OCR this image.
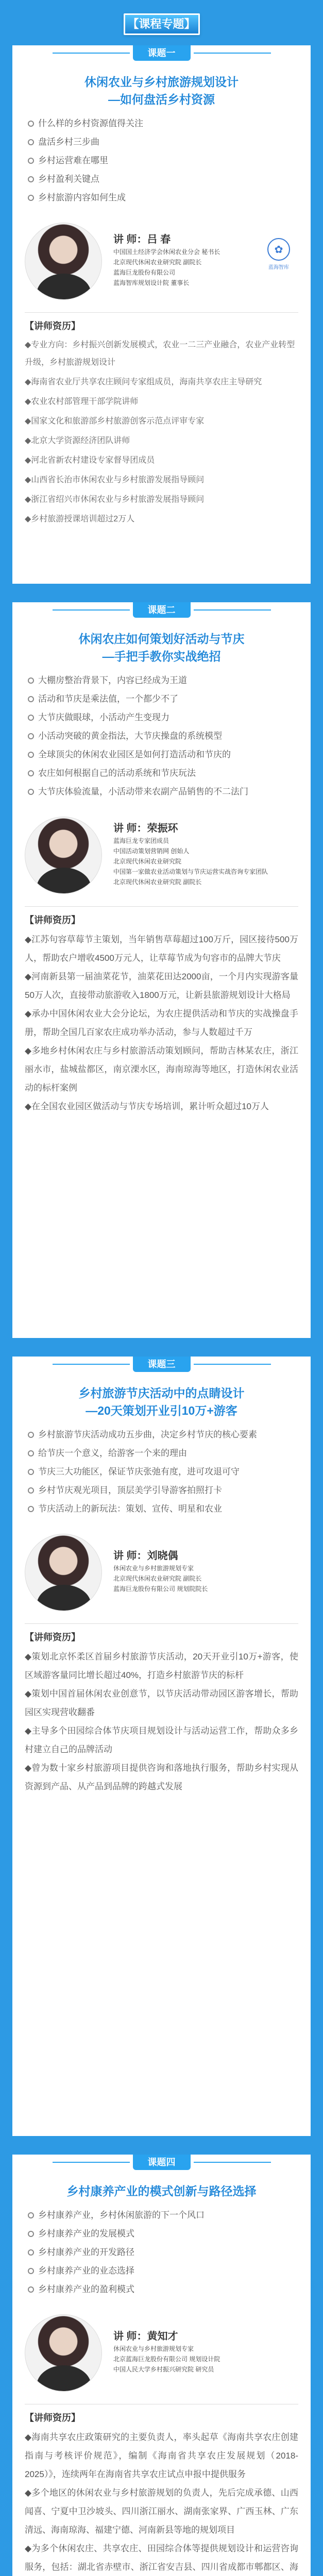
【课程专题】
课题一
休闲农业与乡村旅游规划设计
—如何盘活乡村资源
什么样的乡村资源值得关注
盘活乡村三步曲
乡村运营难在哪里
乡村盈利关键点
乡村旅游内容如何生成
讲 师：吕 春
中国国土经济学会休闲农业分会 秘书长
北京现代休闲农业研究院 副院长
蓝海巨龙股份有限公司
蓝海智库规划设计院 董事长
✿
蓝海智库
【讲师资历】
◆专业方向：乡村振兴创新发展模式，农业一二三产业融合，农业产业转型升级，乡村旅游规划设计
◆海南省农业厅共享农庄顾问专家组成员，海南共享农庄主导研究
◆农业农村部管理干部学院讲师
◆国家文化和旅游部乡村旅游创客示范点评审专家
◆北京大学资源经济团队讲师
◆河北省新农村建设专家督导团成员
◆山西省长治市休闲农业与乡村旅游发展指导顾问
◆浙江省绍兴市休闲农业与乡村旅游发展指导顾问
◆乡村旅游授课培训超过2万人
课题二
休闲农庄如何策划好活动与节庆
—手把手教你实战绝招
大棚房整治背景下，内容已经成为王道
活动和节庆是乘法值，一个都少不了
大节庆做眼球，小活动产生变现力
小活动突破的黄金指法，大节庆操盘的系统模型
全球顶尖的休闲农业园区是如何打造活动和节庆的
农庄如何根据自己的活动系统和节庆玩法
大节庆体验流量，小活动带来农副产品销售的不二法门
讲 师：荣振环
蓝海巨龙专家团成员
中国活动策划营销网 创始人
北京现代休闲农业研究院
中国第一家做农业活动策划与节庆运营实战咨询专家团队
北京现代休闲农业研究院 副院长
【讲师资历】
◆江苏句容草莓节主策划，当年销售草莓超过100万斤，园区接待500万人，帮助农户增收4500万元人，让草莓节成为句容市的品牌大节庆
◆河南新县第一届油菜花节，油菜花田达2000亩，一个月内实现游客量50万人次，直接带动旅游收入1800万元，让新县旅游规划设计大格局
◆承办中国休闲农业大会分论坛，为农庄提供活动和节庆的实战操盘手册，帮助全国几百家农庄成功举办活动，参与人数超过千万
◆多地乡村休闲农庄与乡村旅游活动策划顾问，帮助吉林某农庄，浙江丽水市，盐城盐都区，南京溧水区，海南琼海等地区，打造休闲农业活动的标杆案例
◆在全国农业园区做活动与节庆专场培训，累计听众超过10万人
课题三
乡村旅游节庆活动中的点睛设计
—20天策划开业引10万+游客
乡村旅游节庆活动成功五步曲，决定乡村节庆的核心要素
给节庆一个意义，给游客一个来的理由
节庆三大功能区，保证节庆张弛有度，进可攻退可守
乡村节庆观光项目，顶层美学引导游客拍照打卡
节庆活动上的新玩法：策划、宣传、明星和农业
讲 师：刘晓偶
休闲农业与乡村旅游规划专家
北京现代休闲农业研究院 副院长
蓝海巨龙股份有限公司 规划院院长
【讲师资历】
◆策划北京怀柔区首届乡村旅游节庆活动，20天开业引10万+游客，使区域游客量同比增长超过40%，打造乡村旅游节庆的标杆
◆策划中国首届休闲农业创意节，以节庆活动带动园区游客增长，帮助园区实现营收翻番
◆主导多个田园综合体节庆项目规划设计与活动运营工作，帮助众多乡村建立自己的品牌活动
◆曾为数十家乡村旅游项目提供咨询和落地执行服务，帮助乡村实现从资源到产品、从产品到品牌的跨越式发展
课题四
乡村康养产业的模式创新与路径选择
乡村康养产业，乡村休闲旅游的下一个风口
乡村康养产业的发展模式
乡村康养产业的开发路径
乡村康养产业的业态选择
乡村康养产业的盈利模式
讲 师：黄知才
休闲农业与乡村旅游规划专家
北京蓝海巨龙股份有限公司 规划设计院
中国人民大学乡村振兴研究院 研究员
【讲师资历】
◆海南共享农庄政策研究的主要负责人，率头起草《海南共享农庄创建指南与考核评价规范》，编制《海南省共享农庄发展规划（2018-2025）》，连续两年在海南省共享农庄试点申报中提供服务
◆多个地区的休闲农业与乡村旅游规划的负责人，先后完成承德、山西闻喜、宁夏中卫沙坡头、四川浙江丽水、湖南张家界、广西玉林、广东清远、海南琼海、福建宁德、河南新县等地的规划项目
◆为多个休闲农庄、共享农庄、田园综合体等提供规划设计和运营咨询服务，包括：湖北省赤壁市、浙江省安吉县、四川省成都市郫都区、海
